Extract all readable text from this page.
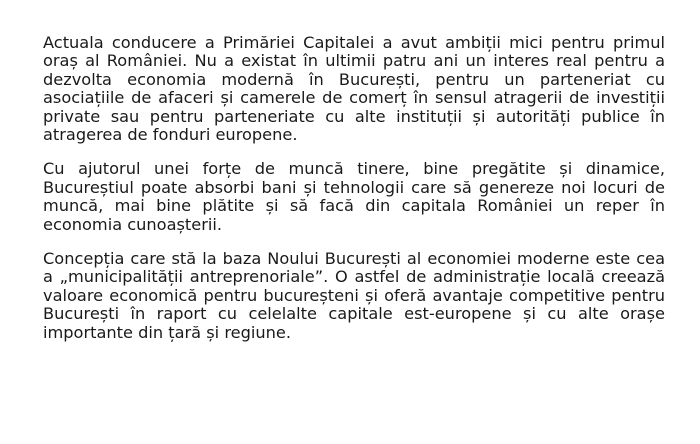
Actuala conducere a Primăriei Capitalei a avut ambiții mici pentru primul oraș al României. Nu a existat în ultimii patru ani un interes real pentru a dezvolta economia modernă în București, pentru un parteneriat cu asociațiile de afaceri și camerele de comerț în sensul atragerii de investiții private sau pentru parteneriate cu alte instituții și autorități publice în atragerea de fonduri europene.

Cu ajutorul unei forțe de muncă tinere, bine pregătite și dinamice, Bucureștiul poate absorbi bani și tehnologii care să genereze noi locuri de muncă, mai bine plătite și să facă din capitala României un reper în economia cunoașterii.

Concepția care stă la baza Noului București al economiei moderne este cea a „municipalității antreprenoriale”. O astfel de administrație locală creează valoare economică pentru bucureșteni și oferă avantaje competitive pentru București în raport cu celelalte capitale est-europene și cu alte orașe importante din țară și regiune.
